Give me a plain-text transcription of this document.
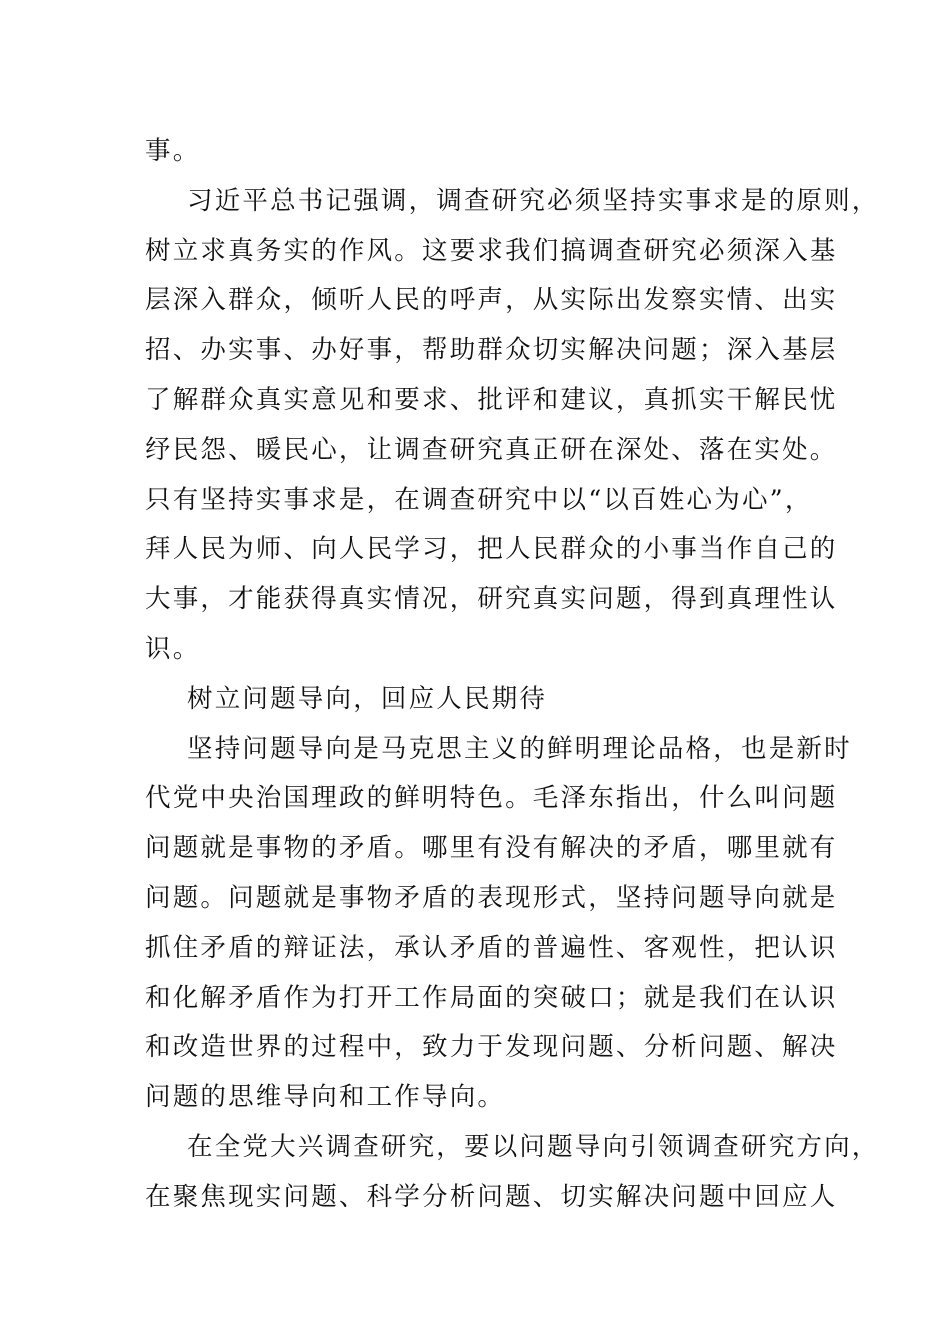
事。
习近平总书记强调，调查研究必须坚持实事求是的原则，
树立求真务实的作风。这要求我们搞调查研究必须深入基
层深入群众，倾听人民的呼声，从实际出发察实情、出实
招、办实事、办好事，帮助群众切实解决问题；深入基层
了解群众真实意见和要求、批评和建议，真抓实干解民忧
纾民怨、暖民心，让调查研究真正研在深处、落在实处。
只有坚持实事求是，在调查研究中以“以百姓心为心”，
拜人民为师、向人民学习，把人民群众的小事当作自己的
大事，才能获得真实情况，研究真实问题，得到真理性认
识。
树立问题导向，回应人民期待
坚持问题导向是马克思主义的鲜明理论品格，也是新时
代党中央治国理政的鲜明特色。毛泽东指出，什么叫问题
问题就是事物的矛盾。哪里有没有解决的矛盾，哪里就有
问题。问题就是事物矛盾的表现形式，坚持问题导向就是
抓住矛盾的辩证法，承认矛盾的普遍性、客观性，把认识
和化解矛盾作为打开工作局面的突破口；就是我们在认识
和改造世界的过程中，致力于发现问题、分析问题、解决
问题的思维导向和工作导向。
在全党大兴调查研究，要以问题导向引领调查研究方向，
在聚焦现实问题、科学分析问题、切实解决问题中回应人
